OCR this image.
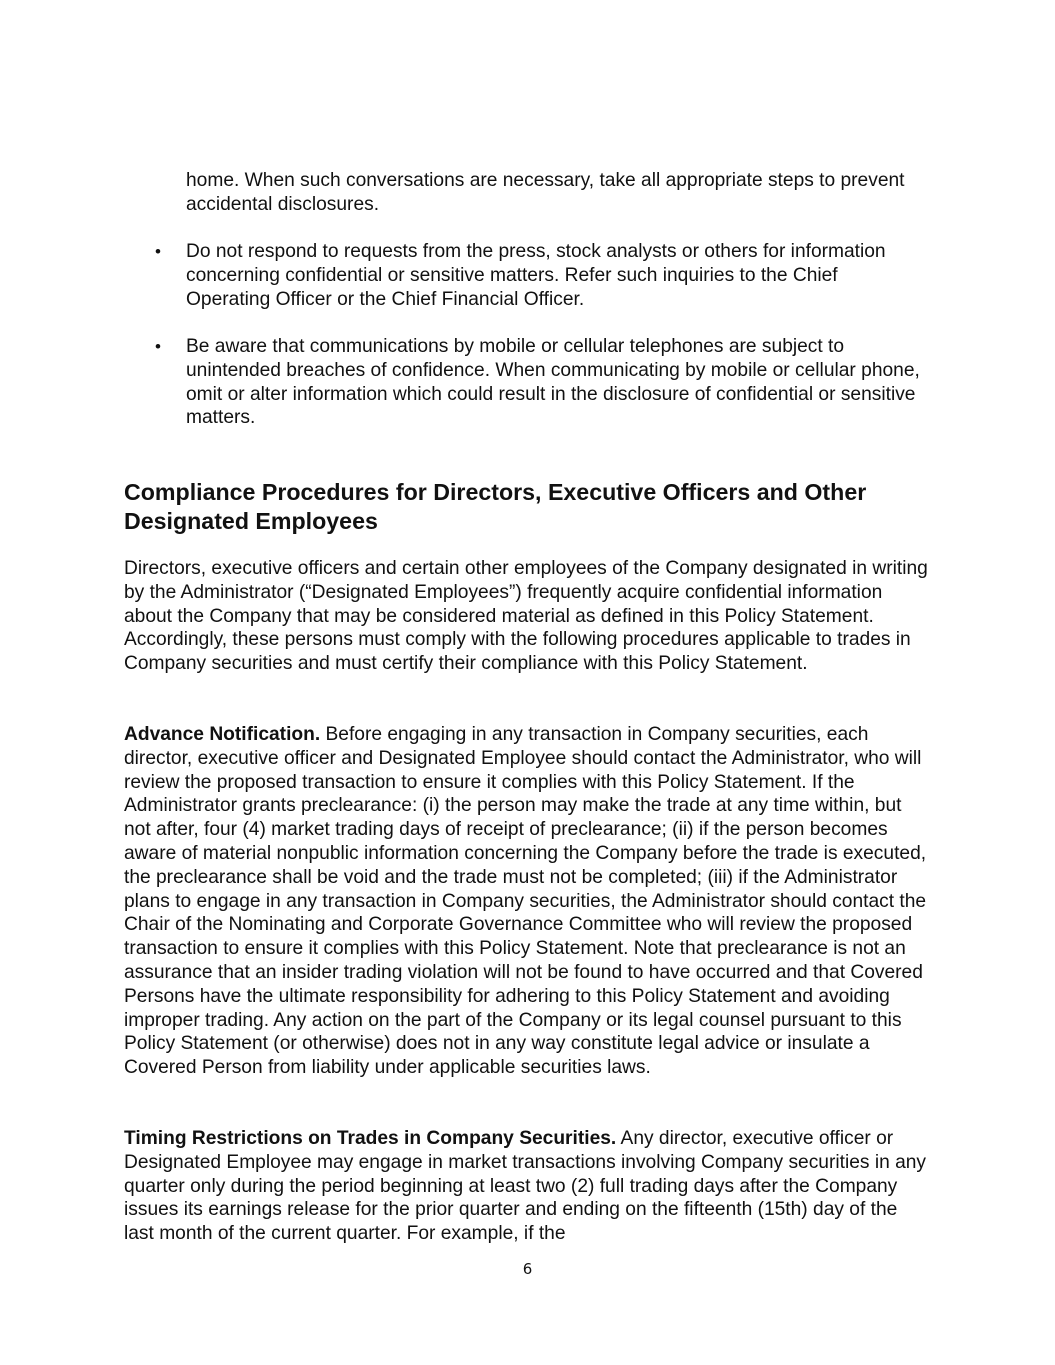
home. When such conversations are necessary, take all appropriate steps to prevent accidental disclosures.

• Do not respond to requests from the press, stock analysts or others for information concerning confidential or sensitive matters. Refer such inquiries to the Chief Operating Officer or the Chief Financial Officer.

• Be aware that communications by mobile or cellular telephones are subject to unintended breaches of confidence. When communicating by mobile or cellular phone, omit or alter information which could result in the disclosure of confidential or sensitive matters.

Compliance Procedures for Directors, Executive Officers and Other Designated Employees

Directors, executive officers and certain other employees of the Company designated in writing by the Administrator (“Designated Employees”) frequently acquire confidential information about the Company that may be considered material as defined in this Policy Statement. Accordingly, these persons must comply with the following procedures applicable to trades in Company securities and must certify their compliance with this Policy Statement.

Advance Notification. Before engaging in any transaction in Company securities, each director, executive officer and Designated Employee should contact the Administrator, who will review the proposed transaction to ensure it complies with this Policy Statement. If the Administrator grants preclearance: (i) the person may make the trade at any time within, but not after, four (4) market trading days of receipt of preclearance; (ii) if the person becomes aware of material nonpublic information concerning the Company before the trade is executed, the preclearance shall be void and the trade must not be completed; (iii) if the Administrator plans to engage in any transaction in Company securities, the Administrator should contact the Chair of the Nominating and Corporate Governance Committee who will review the proposed transaction to ensure it complies with this Policy Statement. Note that preclearance is not an assurance that an insider trading violation will not be found to have occurred and that Covered Persons have the ultimate responsibility for adhering to this Policy Statement and avoiding improper trading. Any action on the part of the Company or its legal counsel pursuant to this Policy Statement (or otherwise) does not in any way constitute legal advice or insulate a Covered Person from liability under applicable securities laws.

Timing Restrictions on Trades in Company Securities. Any director, executive officer or Designated Employee may engage in market transactions involving Company securities in any quarter only during the period beginning at least two (2) full trading days after the Company issues its earnings release for the prior quarter and ending on the fifteenth (15th) day of the last month of the current quarter. For example, if the

6
